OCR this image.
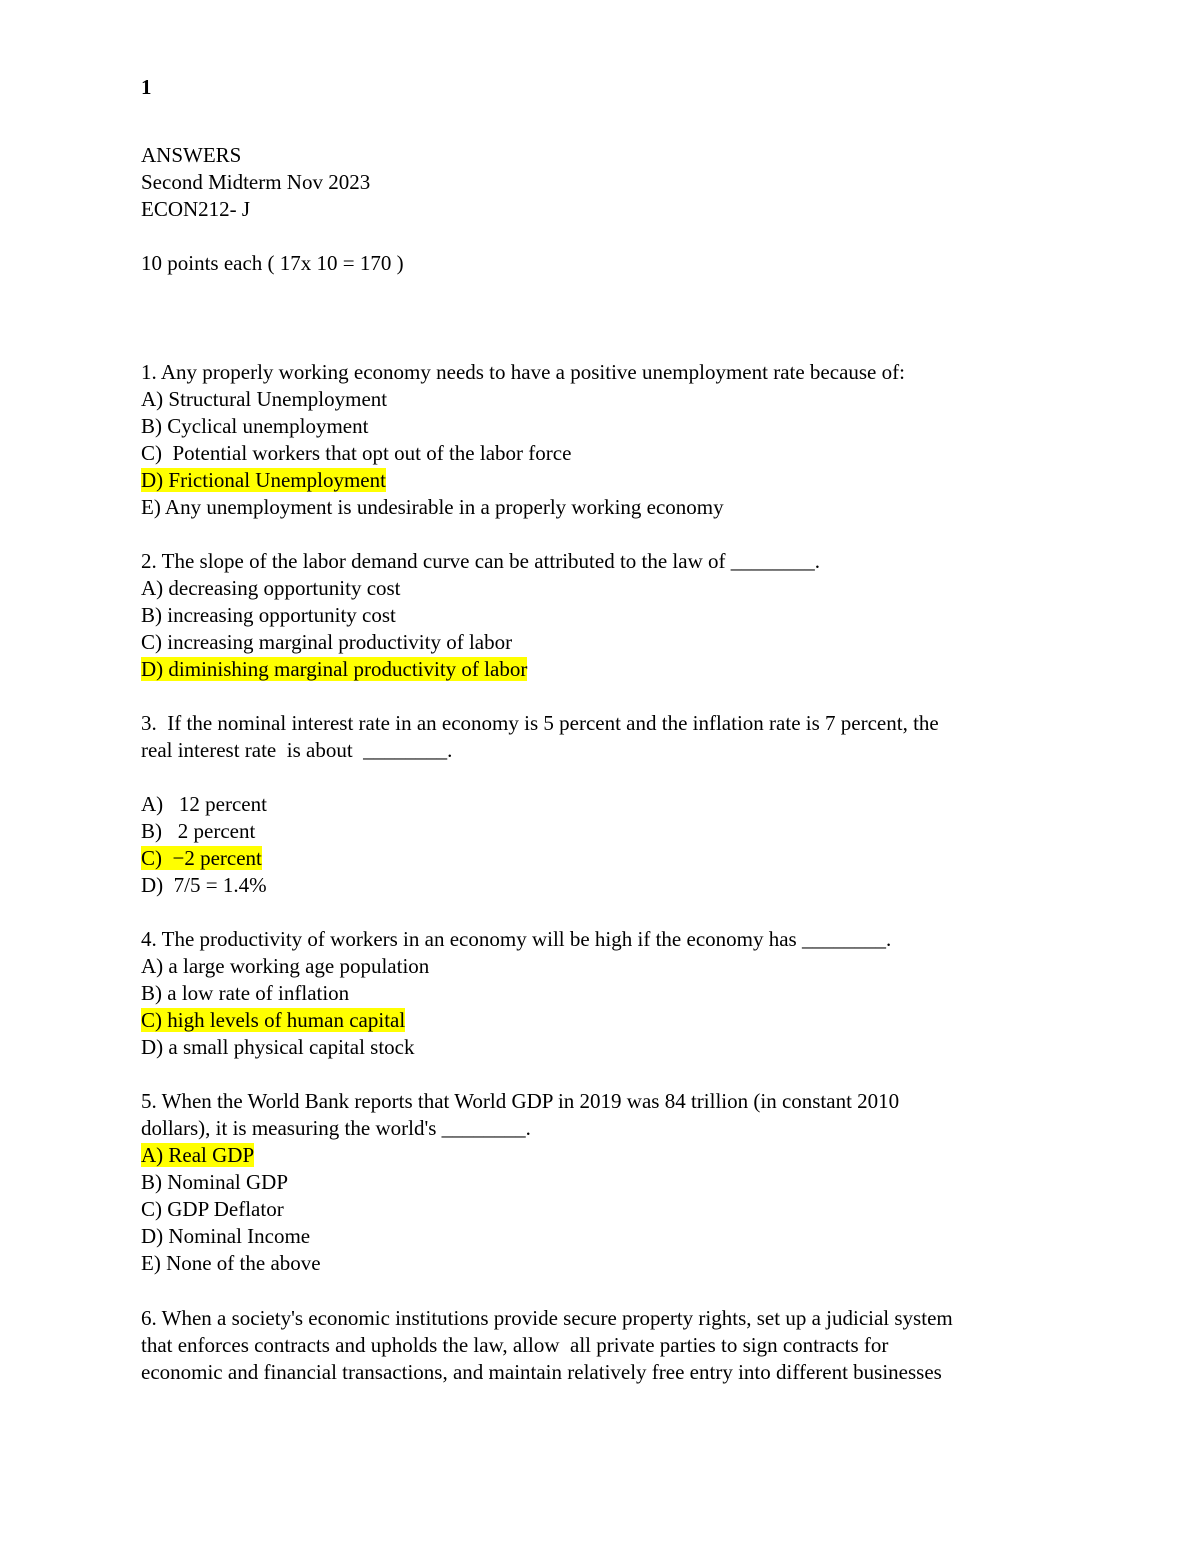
1
ANSWERS
Second Midterm Nov 2023
ECON212- J
10 points each ( 17x 10 = 170 )
1. Any properly working economy needs to have a positive unemployment rate because of:
A) Structural Unemployment
B) Cyclical unemployment
C)  Potential workers that opt out of the labor force
D) Frictional Unemployment
E) Any unemployment is undesirable in a properly working economy
2. The slope of the labor demand curve can be attributed to the law of ________.
A) decreasing opportunity cost
B) increasing opportunity cost
C) increasing marginal productivity of labor
D) diminishing marginal productivity of labor
3.  If the nominal interest rate in an economy is 5 percent and the inflation rate is 7 percent, the
real interest rate  is about  ________.
A)   12 percent
B)   2 percent
C)  −2 percent
D)  7/5 = 1.4%
4. The productivity of workers in an economy will be high if the economy has ________.
A) a large working age population
B) a low rate of inflation
C) high levels of human capital
D) a small physical capital stock
5. When the World Bank reports that World GDP in 2019 was 84 trillion (in constant 2010
dollars), it is measuring the world's ________.
A) Real GDP
B) Nominal GDP
C) GDP Deflator
D) Nominal Income
E) None of the above
6. When a society's economic institutions provide secure property rights, set up a judicial system
that enforces contracts and upholds the law, allow  all private parties to sign contracts for
economic and financial transactions, and maintain relatively free entry into different businesses
